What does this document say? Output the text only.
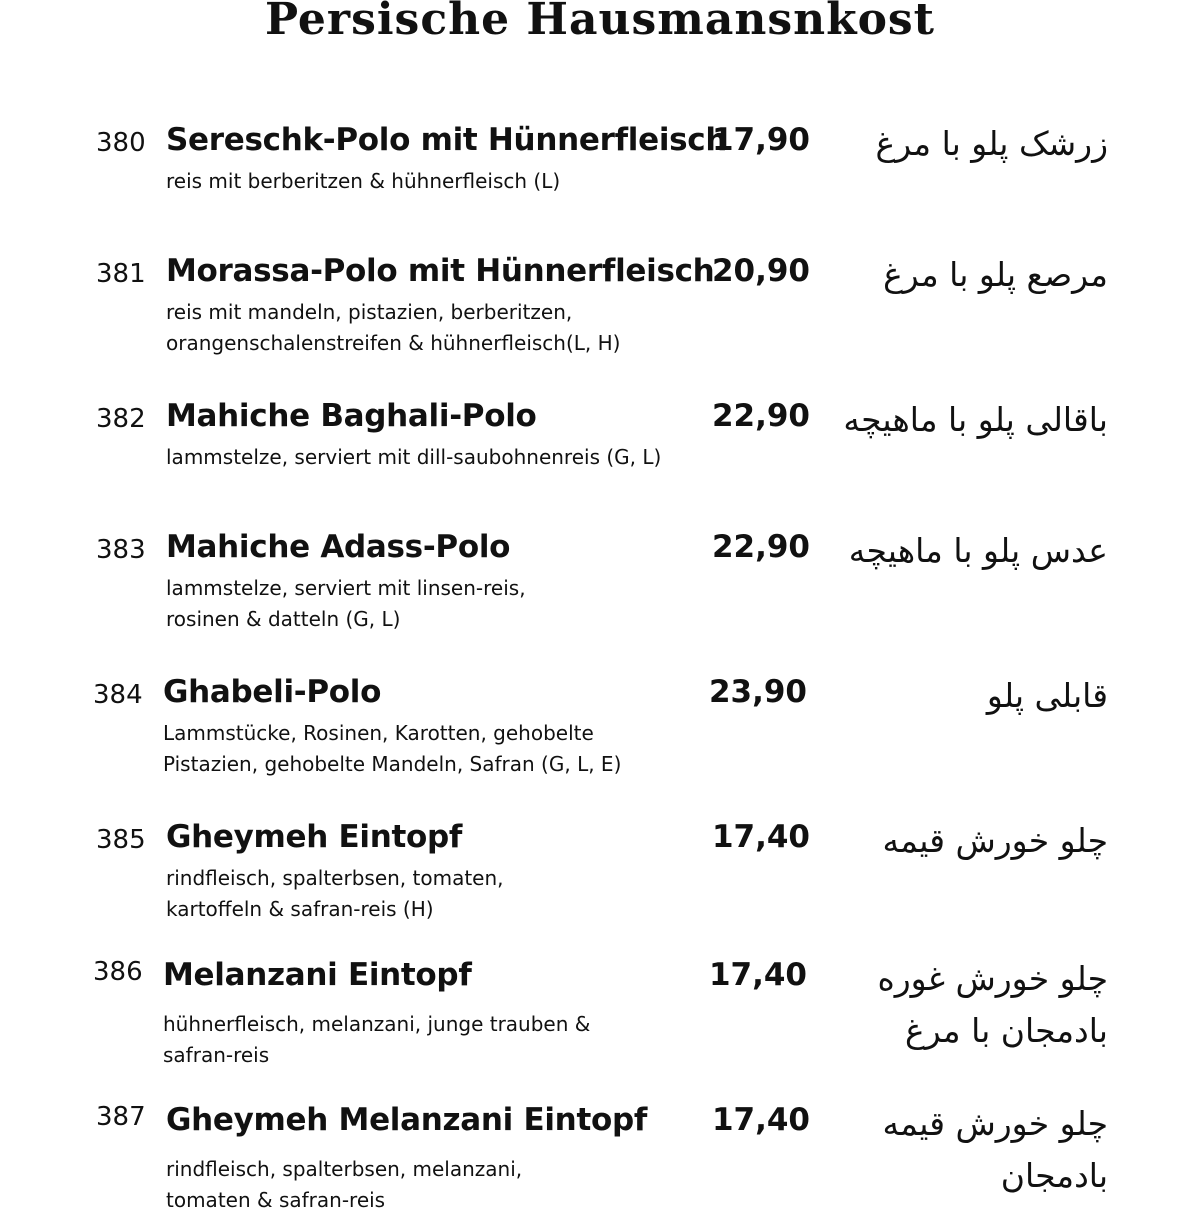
Persische Hausmansnkost
380 Sereschk-Polo mit Hünnerfleisch
17,90
reis mit berberitzen & hühnerfleisch (L)
زرشک پلو با مرغ
381 Morassa-Polo mit Hünnerfleisch
20,90
reis mit mandeln, pistazien, berberitzen,
orangenschalenstreifen & hühnerfleisch(L, H)
مرصع پلو با مرغ
382 Mahiche Baghali-Polo	22,90
lammstelze, serviert mit dill-saubohnenreis (G, L)
باقالی پلو با ماهیچه
383 Mahiche Adass-Polo	22,90
lammstelze, serviert mit linsen-reis,
rosinen & datteln (G, L)
عدس پلو با ماهیچه
384 Ghabeli-Polo	23,90
Lammstücke, Rosinen, Karotten, gehobelte
Pistazien, gehobelte Mandeln, Safran (G, L, E)
قابلی پلو
385 Gheymeh Eintopf	17,40
rindfleisch, spalterbsen, tomaten,
kartoffeln & safran-reis (H)
چلو خورش قیمه
386 Melanzani Eintopf	17,40
hühnerfleisch, melanzani, junge trauben &
safran-reis
چلو خورش غوره
بادمجان با مرغ
387 Gheymeh Melanzani Eintopf 17,40
rindfleisch, spalterbsen, melanzani,
tomaten & safran-reis
چلو خورش قیمه
بادمجان
